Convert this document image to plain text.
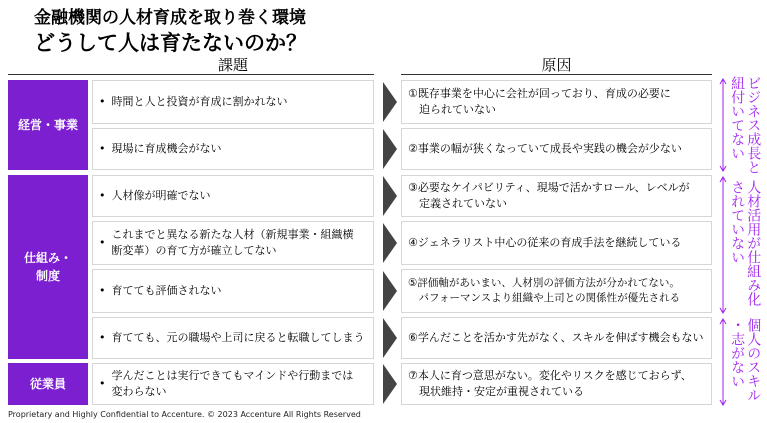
金融機関の人材育成を取り巻く環境
どうして人は育たないのか？
課題	原因
経営・事業
仕組み・
制度
従業員
• 時間と人と投資が育成に割かれない
• 現場に育成機会がない
• 人材像が明確でない
•
これまでと異なる新たな人材（新規事業・組織横
断変革）の育て方が確立してない
• 育てても評価されない
• 育てても、元の職場や上司に戻ると転職してしまう
•
学んだことは実行できてもマインドや行動までは
変わらない
①既存事業を中心に会社が回っており、育成の必要に
　迫られていない
②事業の幅が狭くなっていて成長や実践の機会が少ない
③必要なケイパビリティ、現場で活かすロール、レベルが
　定義されていない
④ジェネラリスト中心の従来の育成手法を継続している
⑤評価軸があいまい、人材別の評価方法が分かれてない。
　パフォーマンスより組織や上司との関係性が優先される
⑥学んだことを活かす先がなく、スキルを伸ばす機会もない
⑦本人に育つ意思がない。変化やリスクを感じておらず、
　現状維持・安定が重視されている
ビジネス成長と
紐付いてない
人材活用が仕組み化
されていない
個人のスキル
・志がない
Proprietary and Highly Confidential to Accenture. © 2023 Accenture All Rights Reserved
